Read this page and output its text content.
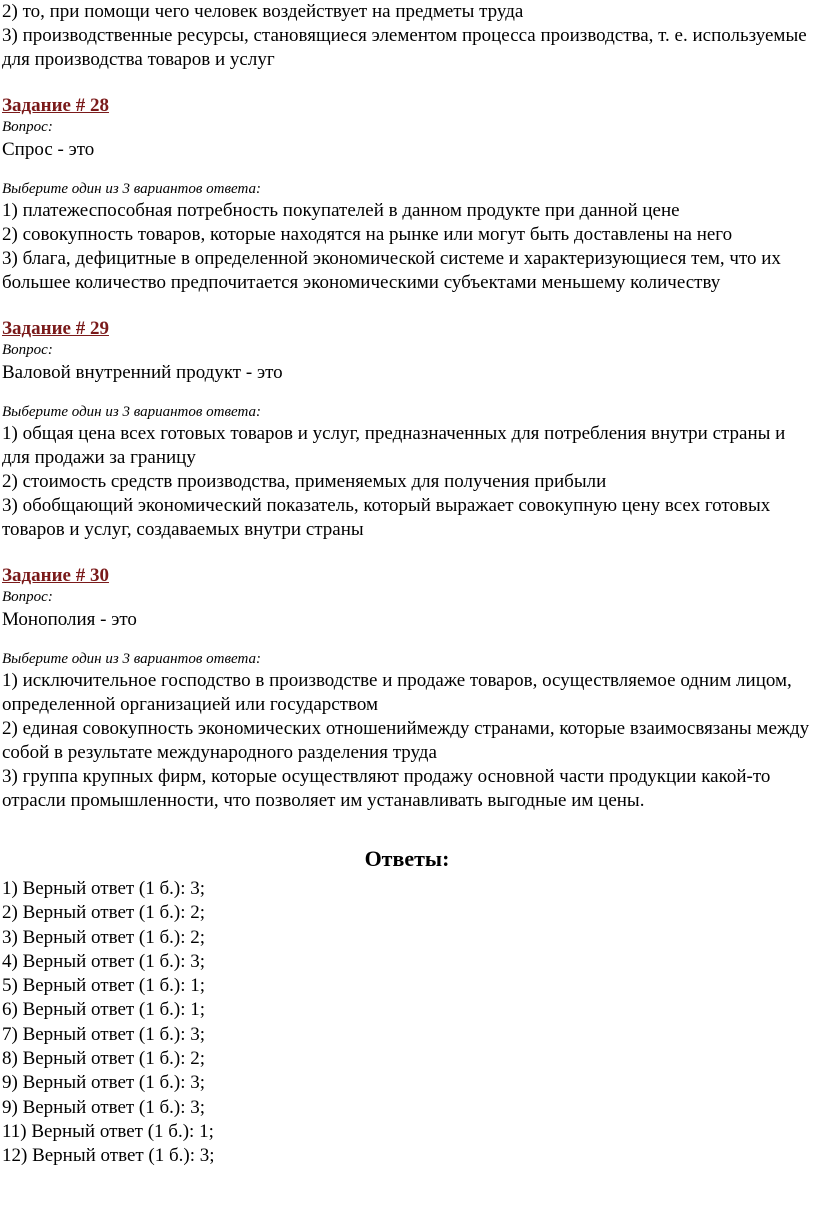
2) то, при помощи чего человек воздействует на предметы труда

3) производственные ресурсы, становящиеся элементом процесса производства, т. е. используемые для производства товаров и услуг

Задание # 28

Вопрос:

Спрос - это

Выберите один из 3 вариантов ответа:

1) платежеспособная потребность покупателей в данном продукте при данной цене

2) совокупность товаров, которые находятся на рынке или могут быть доставлены на него

3) блага, дефицитные в определенной экономической системе и характеризующиеся тем, что их большее количество предпочитается экономическими субъектами меньшему количеству

Задание # 29

Вопрос:

Валовой внутренний продукт - это

Выберите один из 3 вариантов ответа:

1) общая цена всех готовых товаров и услуг, предназначенных для потребления внутри страны и для продажи за границу

2) стоимость средств производства, применяемых для получения прибыли

3) обобщающий экономический показатель, который выражает совокупную цену всех готовых товаров и услуг, создаваемых внутри страны

Задание # 30

Вопрос:

Монополия - это

Выберите один из 3 вариантов ответа:

1) исключительное господство в производстве и продаже товаров, осуществляемое одним лицом, определенной организацией или государством

2) единая совокупность экономических отношениймежду странами, которые взаимосвязаны между собой в результате международного разделения труда

3) группа крупных фирм, которые осуществляют продажу основной части продукции какой-то отрасли промышленности, что позволяет им устанавливать выгодные им цены.

Ответы:

1) Верный ответ (1 б.): 3;

2) Верный ответ (1 б.): 2;

3) Верный ответ (1 б.): 2;

4) Верный ответ (1 б.): 3;

5) Верный ответ (1 б.): 1;

6) Верный ответ (1 б.): 1;

7) Верный ответ (1 б.): 3;

8) Верный ответ (1 б.): 2;

9) Верный ответ (1 б.): 3;

9) Верный ответ (1 б.): 3;

11) Верный ответ (1 б.): 1;

12) Верный ответ (1 б.): 3;
